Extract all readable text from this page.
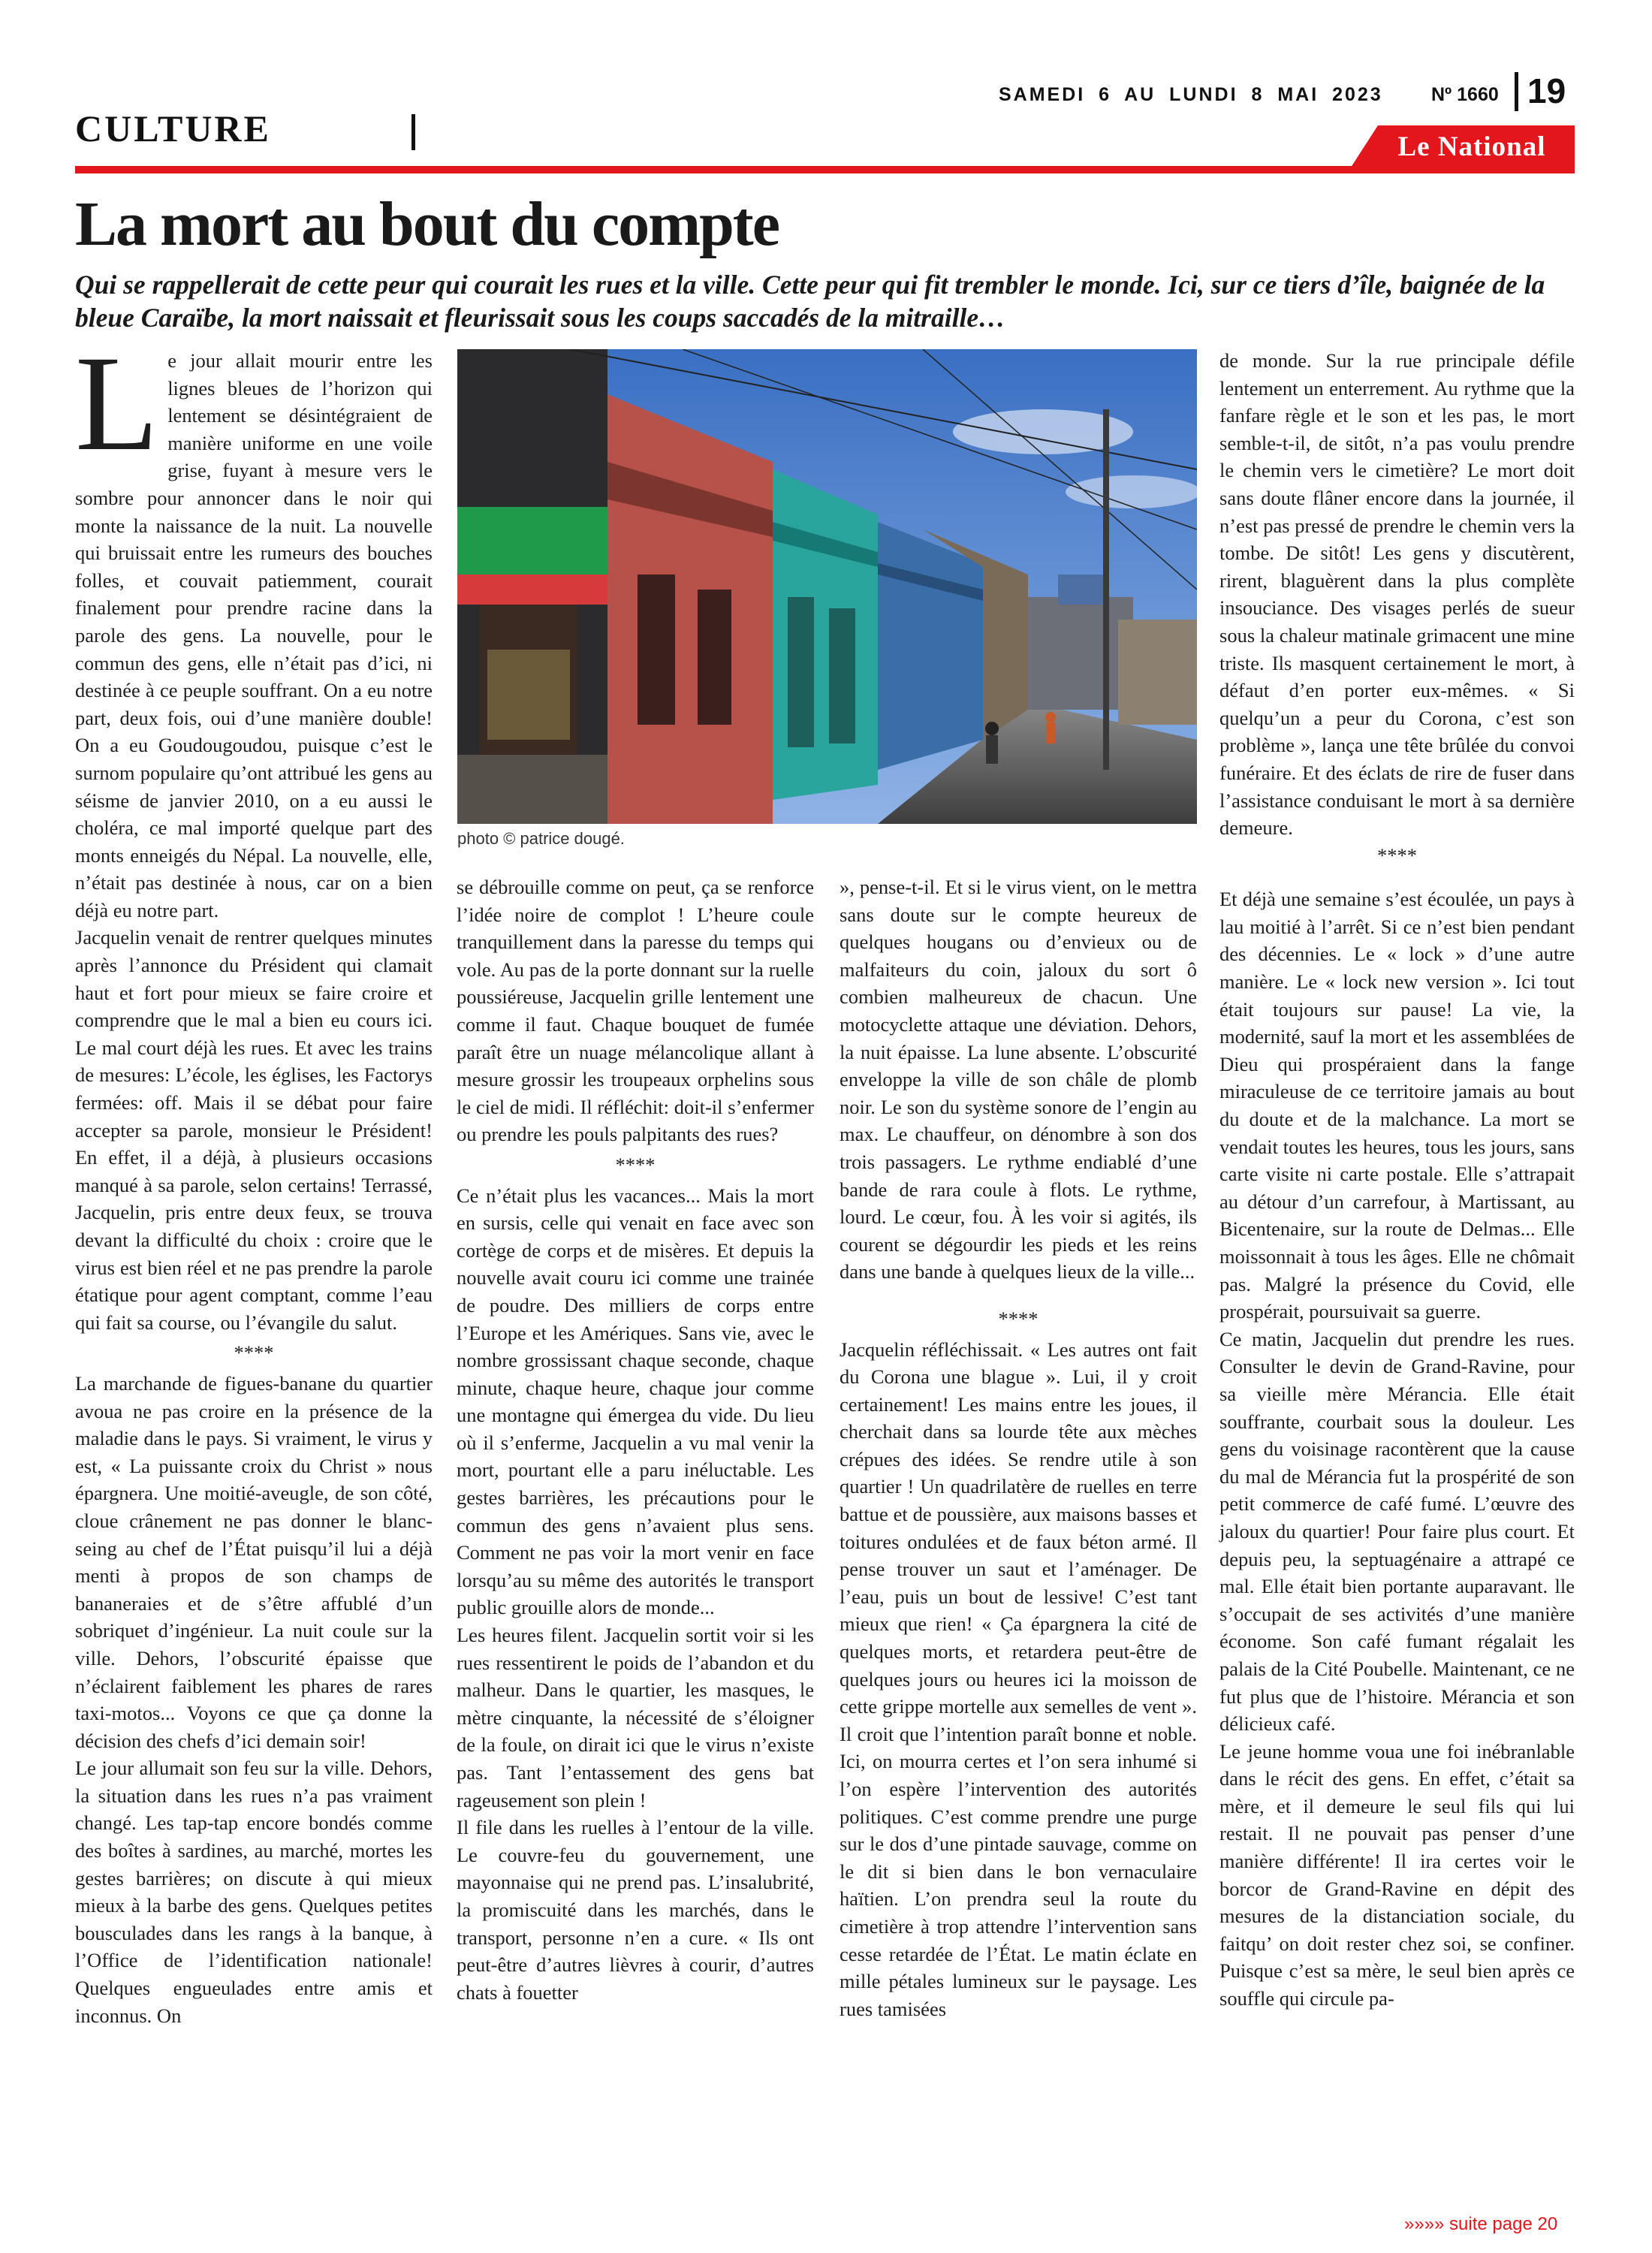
CULTURE
SAMEDI 6 AU LUNDI 8 MAI 2023	Nº 1660 19
Le National
La mort au bout du compte
Qui se rappellerait de cette peur qui courait les rues et la ville. Cette peur qui fit trembler le monde. Ici, sur ce tiers d’île, baignée de la bleue Caraïbe, la mort naissait et fleurissait sous les coups saccadés de la mitraille…

Le jour allait mourir entre les lignes bleues de l’horizon qui lentement se désintégraient de manière uniforme en une voile grise, fuyant à mesure vers le sombre pour annoncer dans le noir qui monte la naissance de la nuit. La nouvelle qui bruissait entre les rumeurs des bouches folles, et couvait patiemment, courait finalement pour prendre racine dans la parole des gens. La nouvelle, pour le commun des gens, elle n’était pas d’ici, ni destinée à ce peuple souffrant. On a eu notre part, deux fois, oui d’une manière double! On a eu Goudougoudou, puisque c’est le surnom populaire qu’ont attribué les gens au séisme de janvier 2010, on a eu aussi le choléra, ce mal importé quelque part des monts enneigés du Népal. La nouvelle, elle, n’était pas destinée à nous, car on a bien déjà eu notre part.

Jacquelin venait de rentrer quelques minutes après l’annonce du Président qui clamait haut et fort pour mieux se faire croire et comprendre que le mal a bien eu cours ici. Le mal court déjà les rues. Et avec les trains de mesures: L’école, les églises, les Factorys fermées: off. Mais il se débat pour faire accepter sa parole, monsieur le Président! En effet, il a déjà, à plusieurs occasions manqué à sa parole, selon certains! Terrassé, Jacquelin, pris entre deux feux, se trouva devant la difficulté du choix : croire que le virus est bien réel et ne pas prendre la parole étatique pour agent comptant, comme l’eau qui fait sa course, ou l’évangile du salut.

****

La marchande de figues-banane du quartier avoua ne pas croire en la présence de la maladie dans le pays. Si vraiment, le virus y est, « La puissante croix du Christ » nous épargnera. Une moitié-aveugle, de son côté, cloue crânement ne pas donner le blanc-seing au chef de l’État puisqu’il lui a déjà menti à propos de son champs de bananeraies et de s’être affublé d’un sobriquet d’ingénieur. La nuit coule sur la ville. Dehors, l’obscurité épaisse que n’éclairent faiblement les phares de rares taxi-motos... Voyons ce que ça donne la décision des chefs d’ici demain soir!

Le jour allumait son feu sur la ville. Dehors, la situation dans les rues n’a pas vraiment changé. Les tap-tap encore bondés comme des boîtes à sardines, au marché, mortes les gestes barrières; on discute à qui mieux mieux à la barbe des gens. Quelques petites bousculades dans les rangs à la banque, à l’Office de l’identification nationale! Quelques engueulades entre amis et inconnus. On

photo © patrice dougé.

se débrouille comme on peut, ça se renforce l’idée noire de complot ! L’heure coule tranquillement dans la paresse du temps qui vole. Au pas de la porte donnant sur la ruelle poussiéreuse, Jacquelin grille lentement une comme il faut. Chaque bouquet de fumée paraît être un nuage mélancolique allant à mesure grossir les troupeaux orphelins sous le ciel de midi. Il réfléchit: doit-il s’enfermer ou prendre les pouls palpitants des rues?

****

Ce n’était plus les vacances... Mais la mort en sursis, celle qui venait en face avec son cortège de corps et de misères. Et depuis la nouvelle avait couru ici comme une trainée de poudre. Des milliers de corps entre l’Europe et les Amériques. Sans vie, avec le nombre grossissant chaque seconde, chaque minute, chaque heure, chaque jour comme une montagne qui émergea du vide. Du lieu où il s’enferme, Jacquelin a vu mal venir la mort, pourtant elle a paru inéluctable. Les gestes barrières, les précautions pour le commun des gens n’avaient plus sens. Comment ne pas voir la mort venir en face lorsqu’au su même des autorités le transport public grouille alors de monde...

Les heures filent. Jacquelin sortit voir si les rues ressentirent le poids de l’abandon et du malheur. Dans le quartier, les masques, le mètre cinquante, la nécessité de s’éloigner de la foule, on dirait ici que le virus n’existe pas. Tant l’entassement des gens bat rageusement son plein !

Il file dans les ruelles à l’entour de la ville. Le couvre-feu du gouvernement, une mayonnaise qui ne prend pas. L’insalubrité, la promiscuité dans les marchés, dans le transport, personne n’en a cure. « Ils ont peut-être d’autres lièvres à courir, d’autres chats à fouetter

», pense-t-il. Et si le virus vient, on le mettra sans doute sur le compte heureux de quelques hougans ou d’envieux ou de malfaiteurs du coin, jaloux du sort ô combien malheureux de chacun. Une motocyclette attaque une déviation. Dehors, la nuit épaisse. La lune absente. L’obscurité enveloppe la ville de son châle de plomb noir. Le son du système sonore de l’engin au max. Le chauffeur, on dénombre à son dos trois passagers. Le rythme endiablé d’une bande de rara coule à flots. Le rythme, lourd. Le cœur, fou. À les voir si agités, ils courent se dégourdir les pieds et les reins dans une bande à quelques lieux de la ville...

****

Jacquelin réfléchissait. « Les autres ont fait du Corona une blague ». Lui, il y croit certainement! Les mains entre les joues, il cherchait dans sa lourde tête aux mèches crépues des idées. Se rendre utile à son quartier ! Un quadrilatère de ruelles en terre battue et de poussière, aux maisons basses et toitures ondulées et de faux béton armé. Il pense trouver un saut et l’aménager. De l’eau, puis un bout de lessive! C’est tant mieux que rien! « Ça épargnera la cité de quelques morts, et retardera peut-être de quelques jours ou heures ici la moisson de cette grippe mortelle aux semelles de vent ». Il croit que l’intention paraît bonne et noble. Ici, on mourra certes et l’on sera inhumé si l’on espère l’intervention des autorités politiques. C’est comme prendre une purge sur le dos d’une pintade sauvage, comme on le dit si bien dans le bon vernaculaire haïtien. L’on prendra seul la route du cimetière à trop attendre l’intervention sans cesse retardée de l’État. Le matin éclate en mille pétales lumineux sur le paysage. Les rues tamisées

de monde. Sur la rue principale défile lentement un enterrement. Au rythme que la fanfare règle et le son et les pas, le mort semble-t-il, de sitôt, n’a pas voulu prendre le chemin vers le cimetière? Le mort doit sans doute flâner encore dans la journée, il n’est pas pressé de prendre le chemin vers la tombe. De sitôt! Les gens y discutèrent, rirent, blaguèrent dans la plus complète insouciance. Des visages perlés de sueur sous la chaleur matinale grimacent une mine triste. Ils masquent certainement le mort, à défaut d’en porter eux-mêmes. « Si quelqu’un a peur du Corona, c’est son problème », lança une tête brûlée du convoi funéraire. Et des éclats de rire de fuser dans l’assistance conduisant le mort à sa dernière demeure.

****

Et déjà une semaine s’est écoulée, un pays à lau moitié à l’arrêt. Si ce n’est bien pendant des décennies. Le « lock » d’une autre manière. Le « lock new version ». Ici tout était toujours sur pause! La vie, la modernité, sauf la mort et les assemblées de Dieu qui prospéraient dans la fange miraculeuse de ce territoire jamais au bout du doute et de la malchance. La mort se vendait toutes les heures, tous les jours, sans carte visite ni carte postale. Elle s’attrapait au détour d’un carrefour, à Martissant, au Bicentenaire, sur la route de Delmas... Elle moissonnait à tous les âges. Elle ne chômait pas. Malgré la présence du Covid, elle prospérait, poursuivait sa guerre.

Ce matin, Jacquelin dut prendre les rues. Consulter le devin de Grand-Ravine, pour sa vieille mère Mérancia. Elle était souffrante, courbait sous la douleur. Les gens du voisinage racontèrent que la cause du mal de Mérancia fut la prospérité de son petit commerce de café fumé. L’œuvre des jaloux du quartier! Pour faire plus court. Et depuis peu, la septuagénaire a attrapé ce mal. Elle était bien portante auparavant. lle s’occupait de ses activités d’une manière économe. Son café fumant régalait les palais de la Cité Poubelle. Maintenant, ce ne fut plus que de l’histoire. Mérancia et son délicieux café.

Le jeune homme voua une foi inébranlable dans le récit des gens. En effet, c’était sa mère, et il demeure le seul fils qui lui restait. Il ne pouvait pas penser d’une manière différente! Il ira certes voir le borcor de Grand-Ravine en dépit des mesures de la distanciation sociale, du faitqu’ on doit rester chez soi, se confiner. Puisque c’est sa mère, le seul bien après ce souffle qui circule pa-

»»»» suite page 20
